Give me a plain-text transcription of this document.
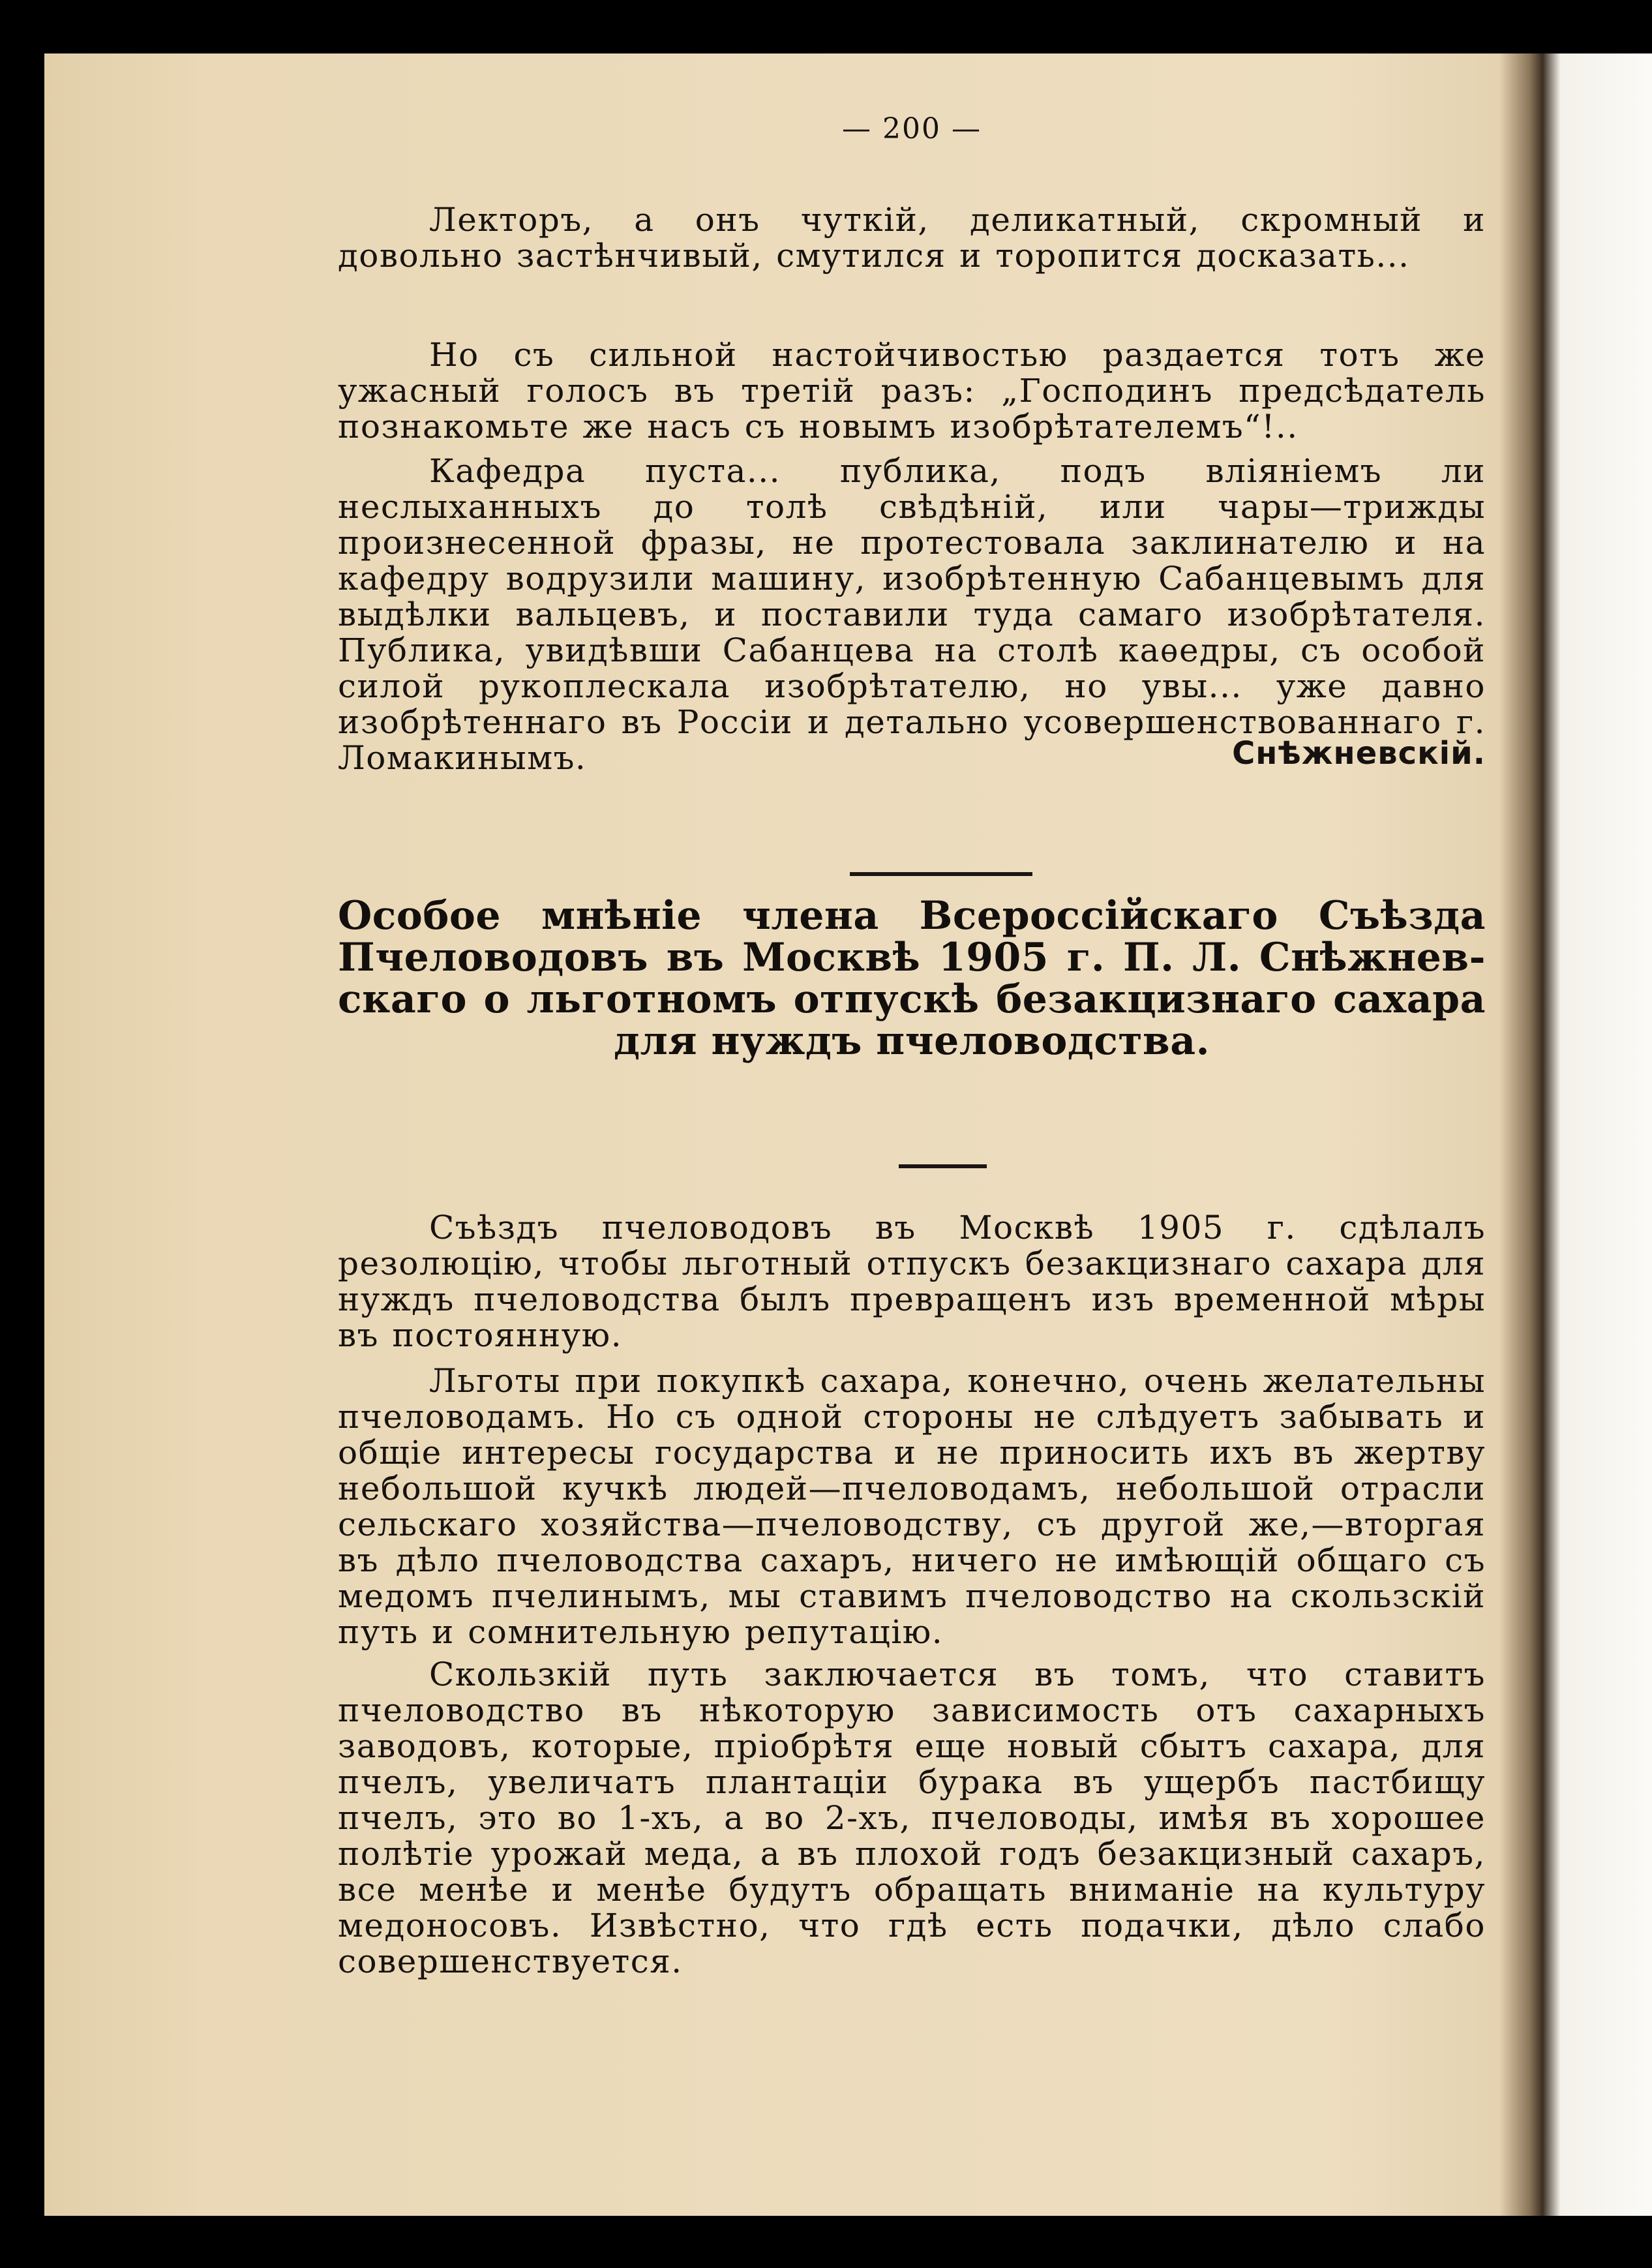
— 200 —

Лекторъ, а онъ чуткій, деликатный, скромный и довольно застѣнчивый, смутился и торопится досказать...

Но съ сильной настойчивостью раздается тотъ же ужасный голосъ въ третій разъ: „Господинъ предсѣдатель познакомьте же насъ съ новымъ изобрѣтателемъ“!..

Кафедра пуста... публика, подъ вліяніемъ ли неслыханныхъ до толѣ свѣдѣній, или чары—трижды произнесенной фразы, не протестовала заклинателю и на кафедру водрузили машину, изобрѣтенную Сабанцевымъ для выдѣлки вальцевъ, и поставили туда самаго изобрѣтателя. Публика, увидѣвши Сабанцева на столѣ каѳедры, съ особой силой рукоплескала изобрѣтателю, но увы... уже давно изобрѣтеннаго въ Россіи и детально усовершенствованнаго г. Ломакинымъ.	Снѣжневскій.
Особое мнѣніе члена Всероссійскаго Съѣзда
Пчеловодовъ въ Москвѣ 1905 г. П. Л. Снѣжнев-
скаго о льготномъ отпускѣ безакцизнаго сахара
для нуждъ пчеловодства.

Съѣздъ пчеловодовъ въ Москвѣ 1905 г. сдѣлалъ резолюцію, чтобы льготный отпускъ безакцизнаго сахара для нуждъ пчеловодства былъ превращенъ изъ временной мѣры въ постоянную.

Льготы при покупкѣ сахара, конечно, очень желательны пчеловодамъ. Но съ одной стороны не слѣдуетъ забывать и общіе интересы государства и не приносить ихъ въ жертву небольшой кучкѣ людей—пчеловодамъ, небольшой отрасли сельскаго хозяйства—пчеловодству, съ другой же,—вторгая въ дѣло пчеловодства сахаръ, ничего не имѣющій общаго съ медомъ пчелинымъ, мы ставимъ пчеловодство на скользскій путь и сомнительную репутацію.

Скользкій путь заключается въ томъ, что ставитъ пчеловодство въ нѣкоторую зависимость отъ сахарныхъ заводовъ, которые, пріобрѣтя еще новый сбытъ сахара, для пчелъ, увеличатъ плантаціи бурака въ ущербъ пастбищу пчелъ, это во 1-хъ, а во 2-хъ, пчеловоды, имѣя въ хорошее полѣтіе урожай меда, а въ плохой годъ безакцизный сахаръ, все менѣе и менѣе будутъ обращать вниманіе на культуру медоносовъ. Извѣстно, что гдѣ есть подачки, дѣло слабо совершенствуется.
